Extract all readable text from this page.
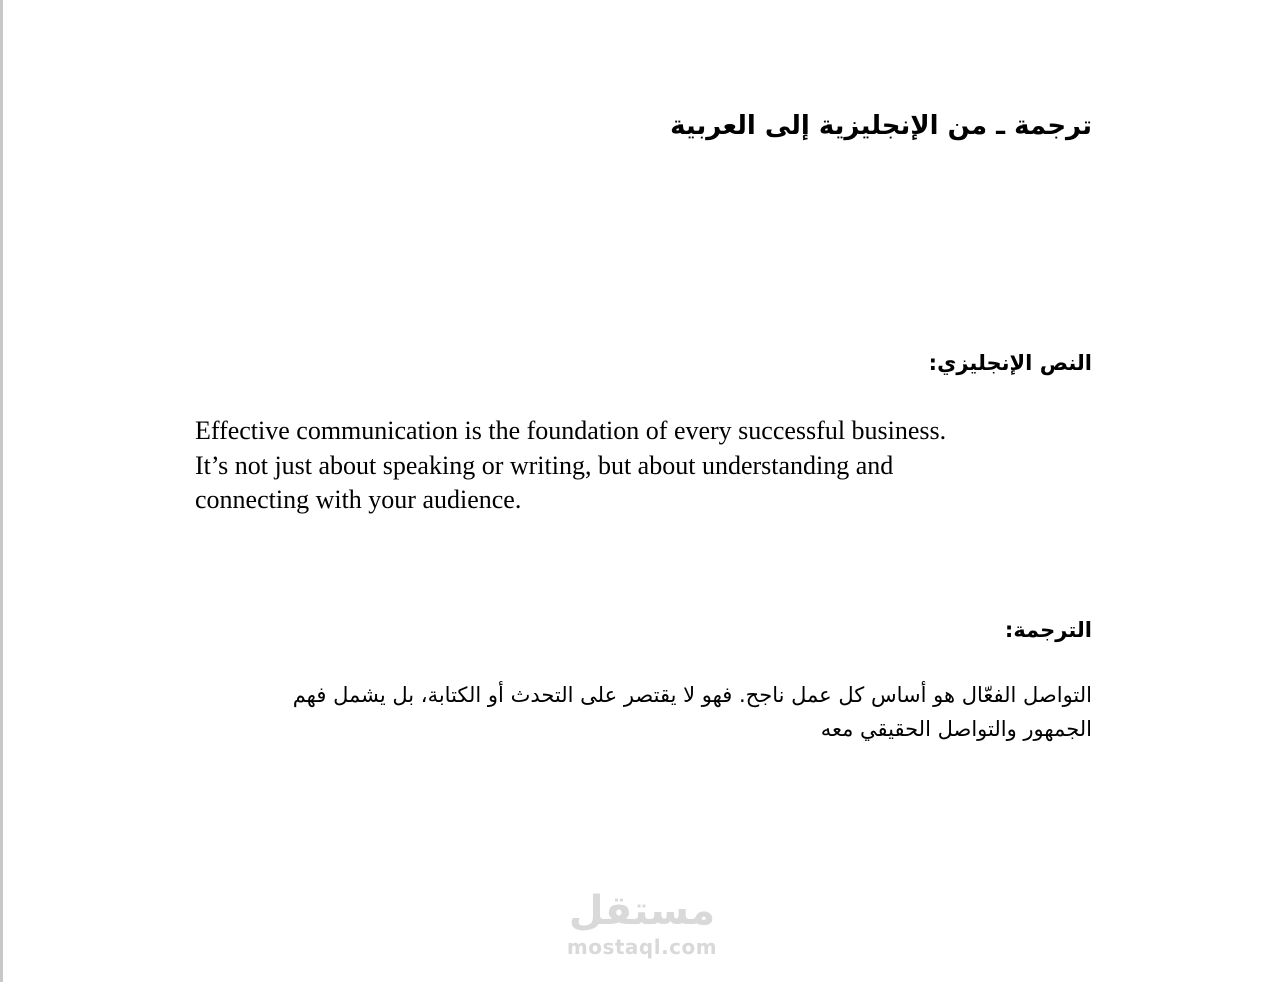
ترجمة ـ من الإنجليزية إلى العربية
النص الإنجليزي:
Effective communication is the foundation of every successful business.
It’s not just about speaking or writing, but about understanding and
connecting with your audience.
الترجمة:
التواصل الفعّال هو أساس كل عمل ناجح. فهو لا يقتصر على التحدث أو الكتابة، بل يشمل فهم
الجمهور والتواصل الحقيقي معه
مستقل
mostaql.com
